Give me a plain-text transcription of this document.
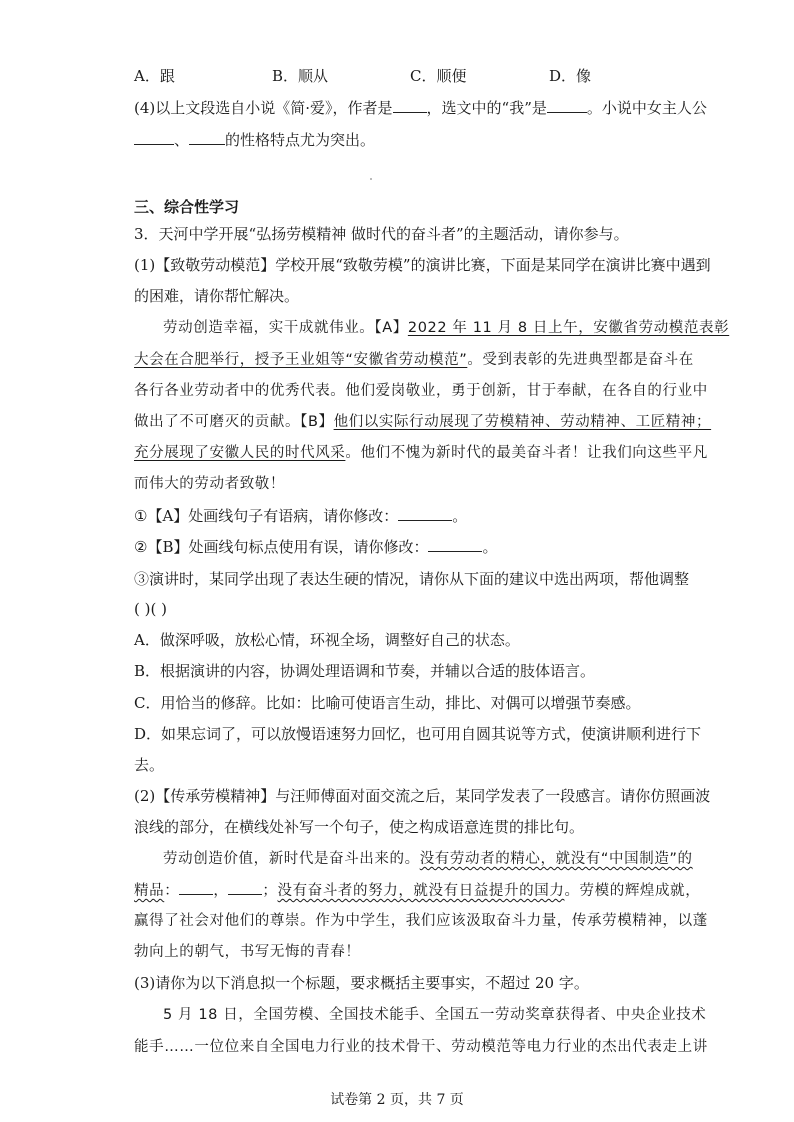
A．跟	B．顺从	C．顺便	D．像
(4)以上文段选自小说《简·爱》，作者是 ，选文中的“我”是	。小说中女主人公
、 的性格特点尤为突出。
三、综合性学习
3．天河中学开展“弘扬劳模精神 做时代的奋斗者”的主题活动，请你参与。
(1)【致敬劳动模范】学校开展“致敬劳模”的演讲比赛，下面是某同学在演讲比赛中遇到
的困难，请你帮忙解决。
劳动创造幸福，实干成就伟业。【A】2022 年 11 月 8 日上午，安徽省劳动模范表彰
大会在合肥举行，授予王业姐等“安徽省劳动模范”。受到表彰的先进典型都是奋斗在
各行各业劳动者中的优秀代表。他们爱岗敬业，勇于创新，甘于奉献，在各自的行业中
做出了不可磨灭的贡献。【B】他们以实际行动展现了劳模精神、劳动精神、工匠精神；
充分展现了安徽人民的时代风采。他们不愧为新时代的最美奋斗者！让我们向这些平凡
而伟大的劳动者致敬！
①【A】处画线句子有语病，请你修改：	。
②【B】处画线句标点使用有误，请你修改：	。
③演讲时，某同学出现了表达生硬的情况，请你从下面的建议中选出两项，帮他调整
( )( )
A．做深呼吸，放松心情，环视全场，调整好自己的状态。
B．根据演讲的内容，协调处理语调和节奏，并辅以合适的肢体语言。
C．用恰当的修辞。比如：比喻可使语言生动，排比、对偶可以增强节奏感。
D．如果忘词了，可以放慢语速努力回忆，也可用自圆其说等方式，使演讲顺利进行下
去。
(2)【传承劳模精神】与汪师傅面对面交流之后，某同学发表了一段感言。请你仿照画波
浪线的部分，在横线处补写一个句子，使之构成语意连贯的排比句。
劳动创造价值，新时代是奋斗出来的。没有劳动者的精心，就没有“中国制造”的
精品： ， ；没有奋斗者的努力，就没有日益提升的国力。劳模的辉煌成就，
赢得了社会对他们的尊崇。作为中学生，我们应该汲取奋斗力量，传承劳模精神，以蓬
勃向上的朝气，书写无悔的青春！
(3)请你为以下消息拟一个标题，要求概括主要事实，不超过 20 字。
5 月 18 日，全国劳模、全国技术能手、全国五一劳动奖章获得者、中央企业技术
能手……一位位来自全国电力行业的技术骨干、劳动模范等电力行业的杰出代表走上讲
试卷第 2 页，共 7 页
